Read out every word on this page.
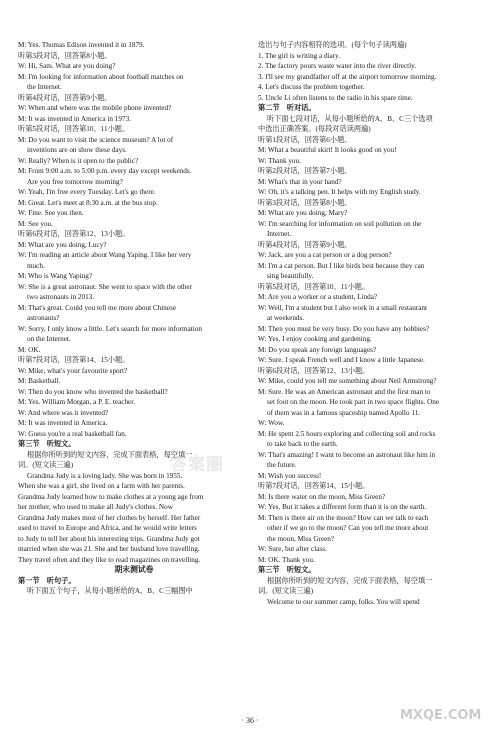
M: Yes. Thomas Edison invented it in 1879.
听第3段对话，回答第8小题。
W: Hi, Sam. What are you doing?
M: I'm looking for information about football matches on
the Internet.
听第4段对话，回答第9小题。
W: When and where was the mobile phone invented?
M: It was invented in America in 1973.
听第5段对话，回答第10、11小题。
M: Do you want to visit the science museum? A lot of
inventions are on show these days.
W: Really? When is it open to the public?
M: From 9:00 a.m. to 5:00 p.m. every day except weekends.
Are you free tomorrow morning?
W: Yeah, I'm free every Tuesday. Let's go there.
M: Great. Let's meet at 8:30 a.m. at the bus stop.
W: Fine. See you then.
M: See you.
听第6段对话，回答第12、13小题。
M: What are you doing, Lucy?
W: I'm reading an article about Wang Yaping. I like her very
much.
M: Who is Wang Yaping?
W: She is a great astronaut. She went to space with the other
two astronauts in 2013.
M: That's great. Could you tell me more about Chinese
astronauts?
W: Sorry, I only know a little. Let's search for more information
on the Internet.
M: OK.
听第7段对话，回答第14、15小题。
W: Mike, what's your favourite sport?
M: Basketball.
W: Then do you know who invented the basketball?
M: Yes. William Morgan, a P. E. teacher.
W: And where was it invented?
M: It was invented in America.
W: Guess you're a real basketball fan.
第三节　听短文。
根据你所听到的短文内容，完成下面表格，每空填一
词。(短文读三遍)
Grandma Judy is a loving lady. She was born in 1955.
When she was a girl, she lived on a farm with her parents.
Grandma Judy learned how to make clothes at a young age from
her mother, who used to make all Judy's clothes. Now
Grandma Judy makes most of her clothes by herself. Her father
used to travel to Europe and Africa, and he would write letters
to Judy to tell her about his interesting trips. Grandma Judy got
married when she was 21. She and her husband love travelling.
They travel often and they like to read magazines on travelling.
期末测试卷
第一节　听句子。
听下面五个句子，从每小题所给的A、B、C三幅图中
选出与句子内容相符的选项。(每个句子读两遍)
1. The girl is writing a diary.
2. The factory pours waste water into the river directly.
3. I'll see my grandfather off at the airport tomorrow morning.
4. Let's discuss the problem together.
5. Uncle Li often listens to the radio in his spare time.
第二节　听对话。
听下面七段对话，从每小题所给的A、B、C三个选项
中选出正确答案。(每段对话读两遍)
听第1段对话，回答第6小题。
M: What a beautiful skirt! It looks good on you!
W: Thank you.
听第2段对话，回答第7小题。
M: What's that in your hand?
W: Oh, it's a talking pen. It helps with my English study.
听第3段对话，回答第8小题。
M: What are you doing, Mary?
W: I'm searching for information on soil pollution on the
Internet.
听第4段对话，回答第9小题。
W: Jack, are you a cat person or a dog person?
M: I'm a cat person. But I like birds best because they can
sing beautifully.
听第5段对话，回答第10、11小题。
M: Are you a worker or a student, Linda?
W: Well, I'm a student but I also work in a small restaurant
at weekends.
M: Then you must be very busy. Do you have any hobbies?
W: Yes. I enjoy cooking and gardening.
M: Do you speak any foreign languages?
W: Sure. I speak French well and I know a little Japanese.
听第6段对话，回答第12、13小题。
W: Mike, could you tell me something about Neil Armstrong?
M: Sure. He was an American astronaut and the first man to
set foot on the moon. He took part in two space flights. One
of them was in a famous spaceship named Apollo 11.
W: Wow.
M: He spent 2.5 hours exploring and collecting soil and rocks
to take back to the earth.
W: That's amazing! I want to become an astronaut like him in
the future.
M: Wish you success!
听第7段对话，回答第14、15小题。
M: Is there water on the moon, Miss Green?
W: Yes. But it takes a different form than it is on the earth.
M: Then is there air on the moon? How can we talk to each
other if we go to the moon? Can you tell me more about
the moon, Miss Green?
W: Sure, but after class.
M: OK. Thank you.
第三节　听短文。
根据你所听到的短文内容，完成下面表格，每空填一
词。(短文读三遍)
Welcome to our summer camp, folks. You will spend
答案圈
MXQE.COM
· 36 ·
